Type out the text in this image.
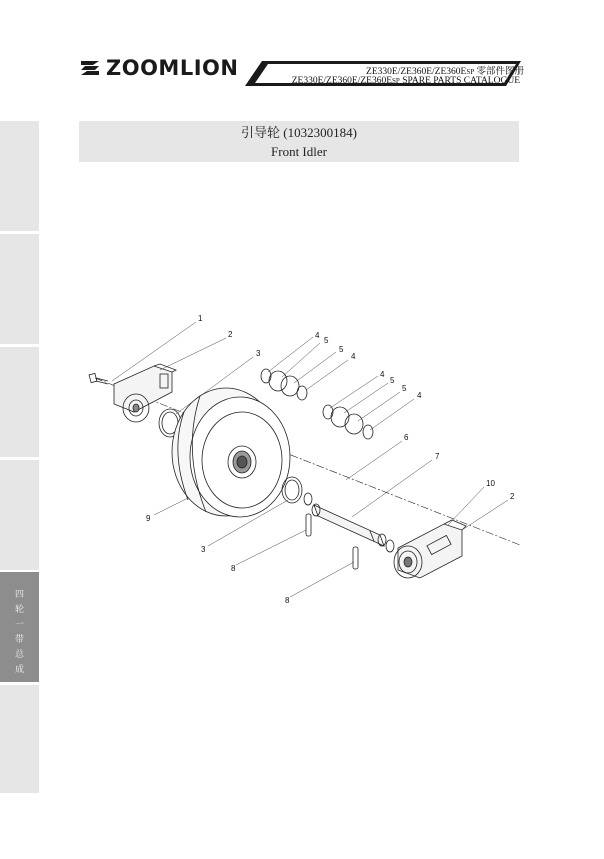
四
轮
一
带
总
成
ZOOMLION	ZE330E/ZE360E/ZE360ESP 零部件图册
ZE330E/ZE360E/ZE360ESP SPARE PARTS CATALOGUE
引导轮 (1032300184)
Front Idler
1
2
3
4
5
5
4
4
5
5
4
6
7
10
2
9
3
8
8
